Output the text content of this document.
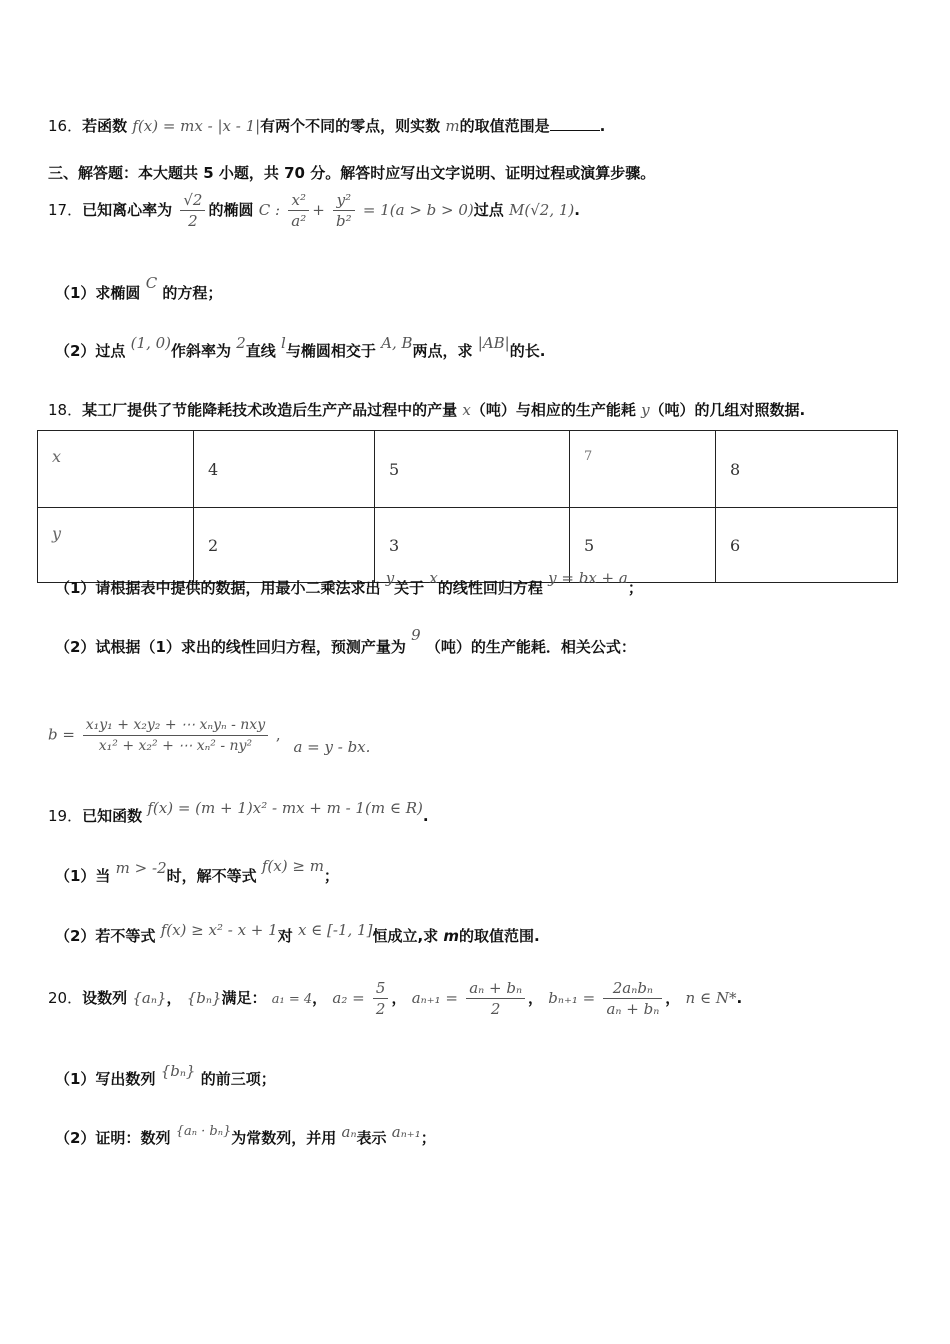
16．若函数 f(x) = mx - |x - 1|有两个不同的零点，则实数 m的取值范围是	.
三、解答题：本大题共 5 小题，共 70 分。解答时应写出文字说明、证明过程或演算步骤。
17．已知离心率为 $\frac{√2}{2}$ 的椭圆 C : $\frac{\text{x²}}{\text{a²}} + \frac{\text{y²}}{\text{b²}} = 1(a > b > 0)$过点 M(√2, 1).
（1）求椭圆 C 的方程；
（2）过点 (1, 0)作斜率为 2直线 l与椭圆相交于 A, B两点，求 |AB|的长.
18．某工厂提供了节能降耗技术改造后生产产品过程中的产量 x（吨）与相应的生产能耗 y（吨）的几组对照数据.
x	4	5	7	8
y	2	3	5	6
（1）请根据表中提供的数据，用最小二乘法求出 y关于 x的线性回归方程 y = bx + a；
（2）试根据（1）求出的线性回归方程，预测产量为 9 （吨）的生产能耗．相关公式：
$b = \frac{\text{x₁y₁ + x₂y₂ + ⋯ xₙyₙ - nxy}}{\text{x₁² + x₂² + ⋯ xₙ² - ny²}}$ , a = y - bx.
19．已知函数 f(x) = (m + 1)x² - mx + m - 1(m ∈ R).
（1）当 m > -2时，解不等式 f(x) ≥ m；
（2）若不等式 f(x) ≥ x² - x + 1对 x ∈ [-1, 1]恒成立,求 m的取值范围.
20．设数列 {aₙ}， {bₙ}满足： a₁ = 4， $a_2 = \frac{5}{2}$ ， $a_{n+1} = \frac{\text{aₙ + bₙ}}{2}$ ， $b_{n+1} = \frac{\text{2aₙbₙ}}{\text{aₙ + bₙ}}$ ， n ∈ N*.
（1）写出数列 {bₙ} 的前三项；
（2）证明：数列 {aₙ · bₙ}为常数列，并用 aₙ表示 aₙ₊₁；
